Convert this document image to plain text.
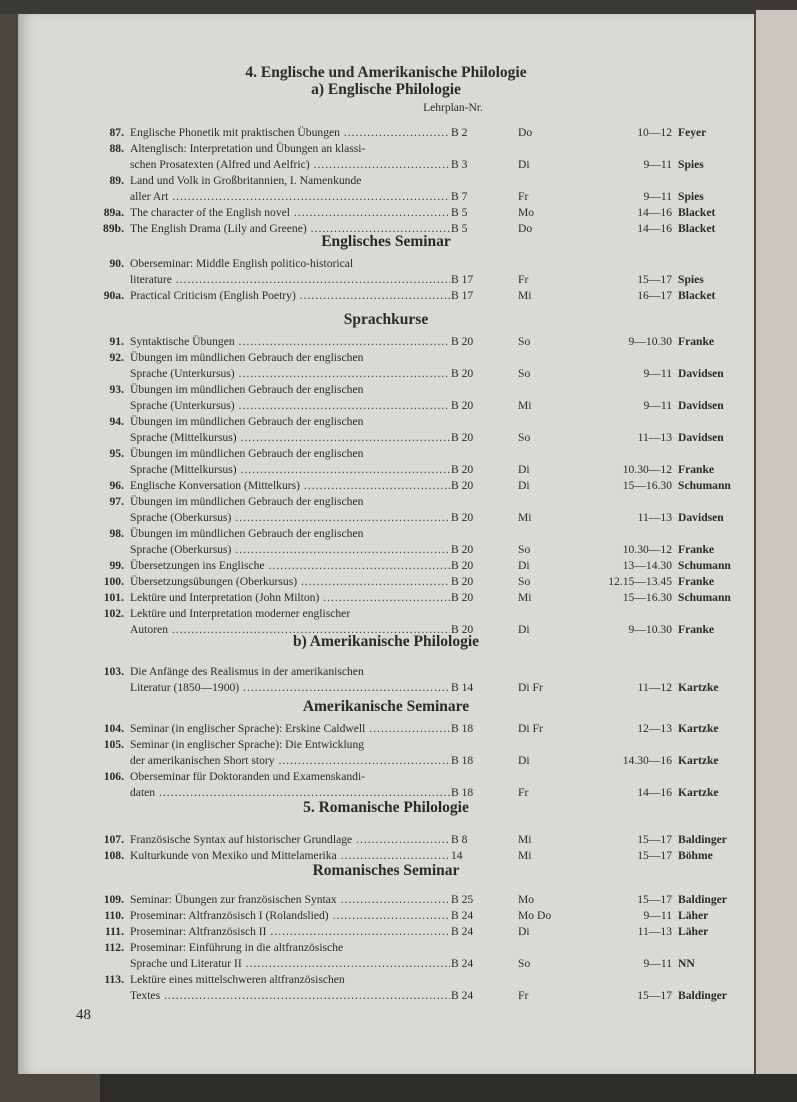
4. Englische und Amerikanische Philologie
a) Englische Philologie
Lehrplan-Nr.
Englisches Seminar
Sprachkurse
b) Amerikanische Philologie
Amerikanische Seminare
5. Romanische Philologie
Romanisches Seminar
48
87. Englische Phonetik mit praktischen Übungen .....	B 2	Do	10—12 Feyer
88. Altenglisch: Interpretation und Übungen an klassi-
schen Prosatexten (Alfred und Aelfric) .....	B 3	Di	9—11 Spies
89. Land und Volk in Großbritannien, I. Namenkunde
aller Art .....	B 7	Fr	9—11 Spies
89a. The character of the English novel .....	B 5	Mo	14—16 Blacket
89b. The English Drama (Lily and Greene) .....	B 5	Do	14—16 Blacket
90. Oberseminar: Middle English politico-historical
literature .....	B 17	Fr	15—17 Spies
90a. Practical Criticism (English Poetry) .....	B 17	Mi	16—17 Blacket
91. Syntaktische Übungen .....	B 20	So	9—10.30 Franke
92. Übungen im mündlichen Gebrauch der englischen
Sprache (Unterkursus) .....	B 20	So	9—11 Davidsen
93. Übungen im mündlichen Gebrauch der englischen
Sprache (Unterkursus) .....	B 20	Mi	9—11 Davidsen
94. Übungen im mündlichen Gebrauch der englischen
Sprache (Mittelkursus) .....	B 20	So	11—13 Davidsen
95. Übungen im mündlichen Gebrauch der englischen
Sprache (Mittelkursus) .....	B 20	Di	10.30—12 Franke
96. Englische Konversation (Mittelkurs) .....	B 20	Di	15—16.30 Schumann
97. Übungen im mündlichen Gebrauch der englischen
Sprache (Oberkursus) .....	B 20	Mi	11—13 Davidsen
98. Übungen im mündlichen Gebrauch der englischen
Sprache (Oberkursus) .....	B 20	So	10.30—12 Franke
99. Übersetzungen ins Englische .....	B 20	Di	13—14.30 Schumann
100. Übersetzungsübungen (Oberkursus) .....	B 20	So	12.15—13.45 Franke
101. Lektüre und Interpretation (John Milton) .....	B 20	Mi	15—16.30 Schumann
102. Lektüre und Interpretation moderner englischer
Autoren .....	B 20	Di	9—10.30 Franke
103. Die Anfänge des Realismus in der amerikanischen
Literatur (1850—1900) .....	B 14	Di Fr	11—12 Kartzke
104. Seminar (in englischer Sprache): Erskine Caldwell .....	B 18	Di Fr	12—13 Kartzke
105. Seminar (in englischer Sprache): Die Entwicklung
der amerikanischen Short story .....	B 18	Di	14.30—16 Kartzke
106. Oberseminar für Doktoranden und Examenskandi-
daten .....	B 18	Fr	14—16 Kartzke
107. Französische Syntax auf historischer Grundlage .....	B 8	Mi	15—17 Baldinger
108. Kulturkunde von Mexiko und Mittelamerika .....	14	Mi	15—17 Böhme
109. Seminar: Übungen zur französischen Syntax .....	B 25	Mo	15—17 Baldinger
110. Proseminar: Altfranzösisch I (Rolandslied) .....	B 24	Mo Do	9—11 Läher
111. Proseminar: Altfranzösisch II .....	B 24	Di	11—13 Läher
112. Proseminar: Einführung in die altfranzösische
Sprache und Literatur II .....	B 24	So	9—11 NN
113. Lektüre eines mittelschweren altfranzösischen
Textes .....	B 24	Fr	15—17 Baldinger
